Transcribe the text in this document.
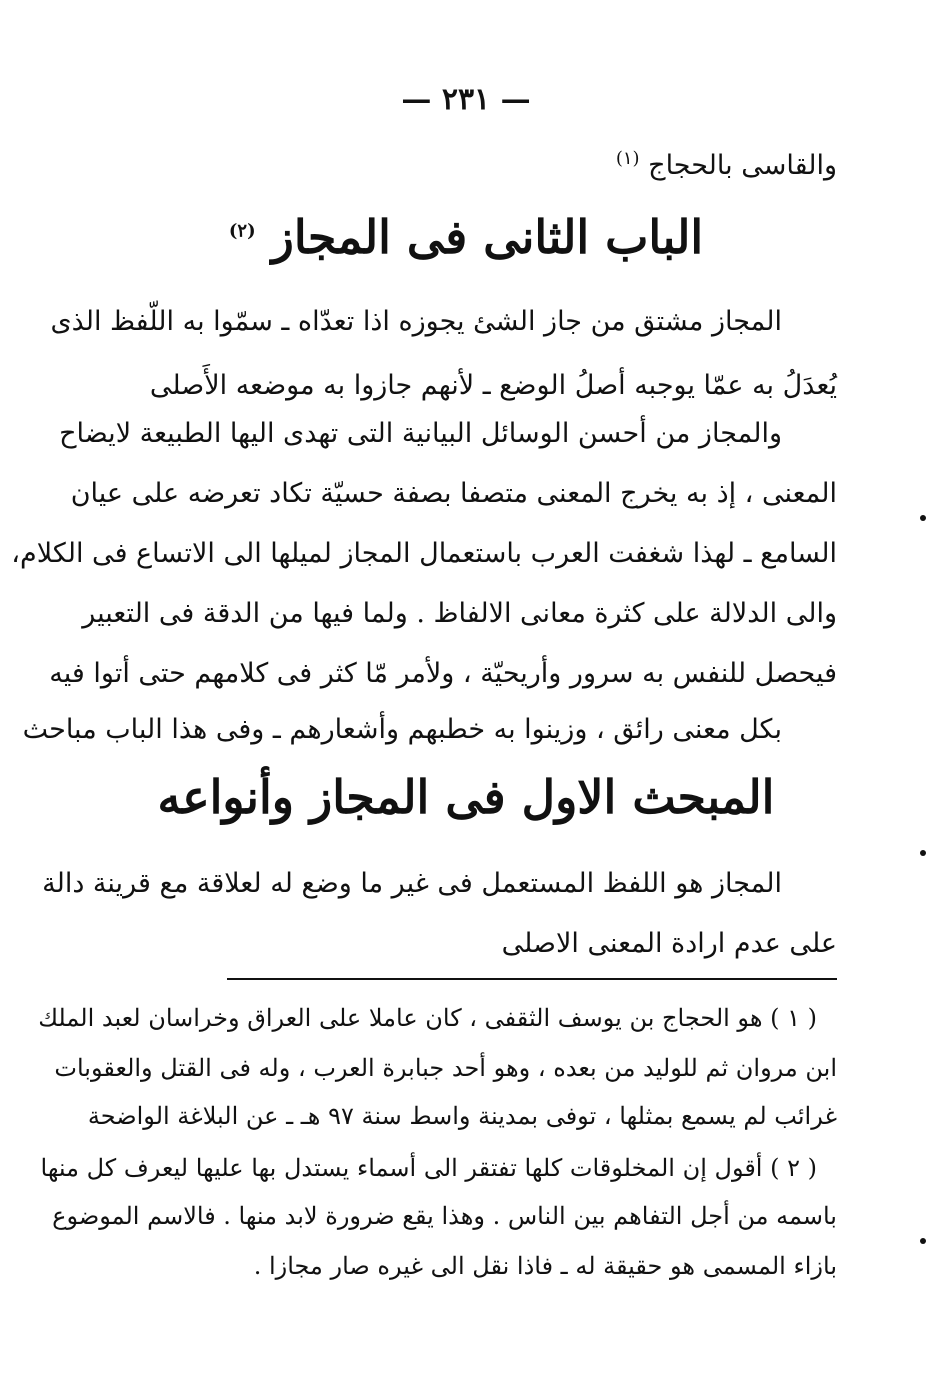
— ٢٣١ —
والقاسى بالحجاج $^{(١)}$
الباب الثانى فى المجاز $^{(٢)}$
المجاز مشتق من جاز الشئ يجوزه اذا تعدّاه ـ سمّوا به اللّفظ الذى
يُعدَلُ به عمّا يوجبه أصلُ الوضع ـ لأنهم جازوا به موضعه الأَصلى
والمجاز من أحسن الوسائل البيانية التى تهدى اليها الطبيعة لايضاح
المعنى ، إذ به يخرج المعنى متصفا بصفة حسيّة تكاد تعرضه على عيان
السامع ـ لهذا شغفت العرب باستعمال المجاز لميلها الى الاتساع فى الكلام،
والى الدلالة على كثرة معانى الالفاظ . ولما فيها من الدقة فى التعبير
فيحصل للنفس به سرور وأريحيّة ، ولأمر مّا كثر فى كلامهم حتى أتوا فيه
بكل معنى رائق ، وزينوا به خطبهم وأشعارهم ـ وفى هذا الباب مباحث
المبحث الاول فى المجاز وأنواعه
المجاز هو اللفظ المستعمل فى غير ما وضع له لعلاقة مع قرينة دالة
على عدم ارادة المعنى الاصلى
( ١ ) هو الحجاج بن يوسف الثقفى ، كان عاملا على العراق وخراسان لعبد الملك
ابن مروان ثم للوليد من بعده ، وهو أحد جبابرة العرب ، وله فى القتل والعقوبات
غرائب لم يسمع بمثلها ، توفى بمدينة واسط سنة ٩٧ هـ ـ عن البلاغة الواضحة
( ٢ ) أقول إن المخلوقات كلها تفتقر الى أسماء يستدل بها عليها ليعرف كل منها
باسمه من أجل التفاهم بين الناس . وهذا يقع ضرورة لابد منها . فالاسم الموضوع
بازاء المسمى هو حقيقة له ـ فاذا نقل الى غيره صار مجازا .
